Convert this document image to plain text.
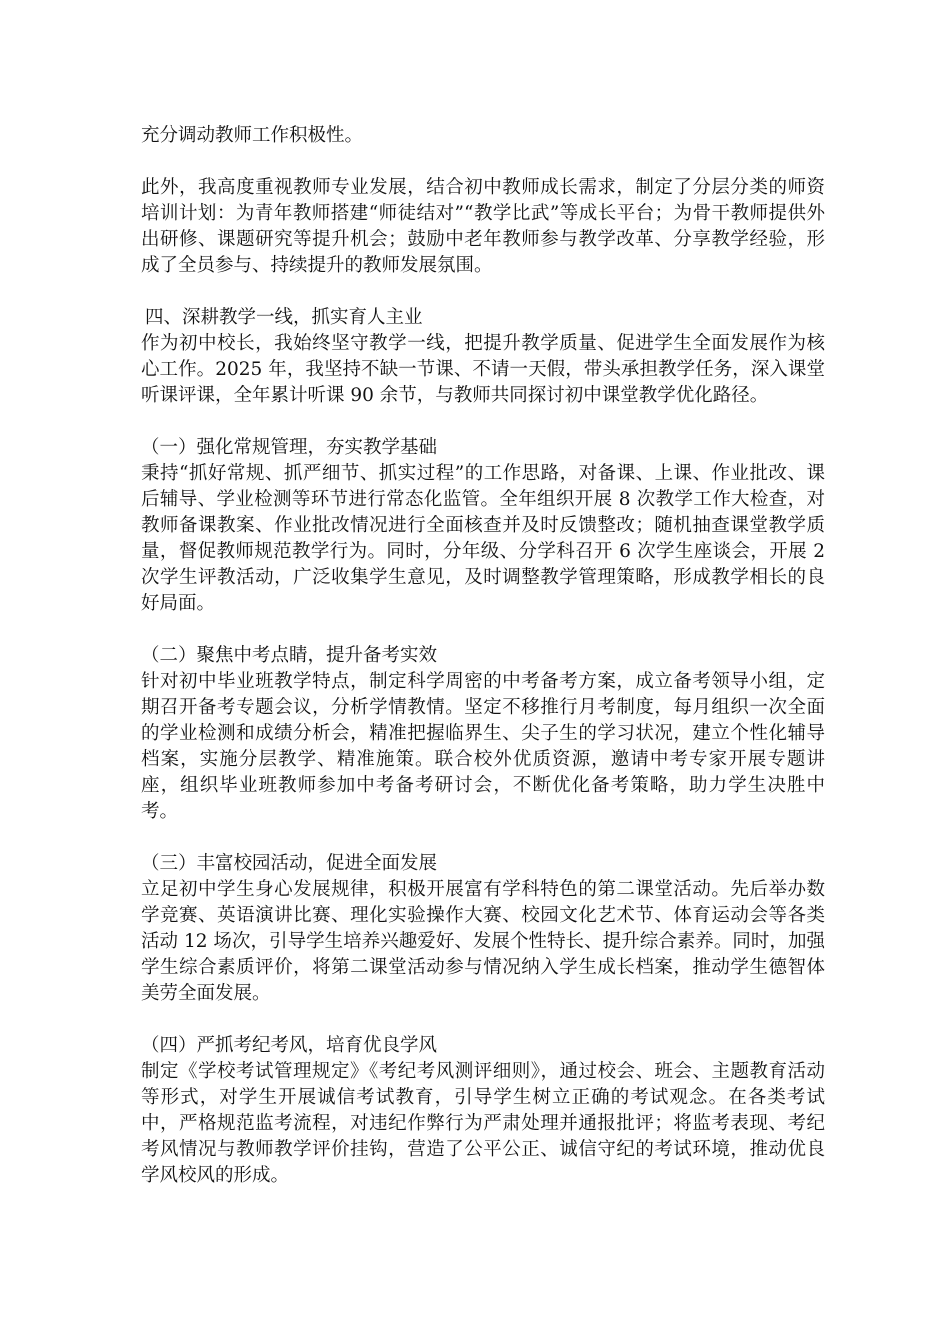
充分调动教师工作积极性。

此外，我高度重视教师专业发展，结合初中教师成长需求，制定了分层分类的师资培训计划：为青年教师搭建“师徒结对”“教学比武”等成长平台；为骨干教师提供外出研修、课题研究等提升机会；鼓励中老年教师参与教学改革、分享教学经验，形成了全员参与、持续提升的教师发展氛围。

四、深耕教学一线，抓实育人主业

作为初中校长，我始终坚守教学一线，把提升教学质量、促进学生全面发展作为核心工作。2025 年，我坚持不缺一节课、不请一天假，带头承担教学任务，深入课堂听课评课，全年累计听课 90 余节，与教师共同探讨初中课堂教学优化路径。

（一）强化常规管理，夯实教学基础

秉持“抓好常规、抓严细节、抓实过程”的工作思路，对备课、上课、作业批改、课后辅导、学业检测等环节进行常态化监管。全年组织开展 8 次教学工作大检查，对教师备课教案、作业批改情况进行全面核查并及时反馈整改；随机抽查课堂教学质量，督促教师规范教学行为。同时，分年级、分学科召开 6 次学生座谈会，开展 2 次学生评教活动，广泛收集学生意见，及时调整教学管理策略，形成教学相长的良好局面。

（二）聚焦中考点睛，提升备考实效

针对初中毕业班教学特点，制定科学周密的中考备考方案，成立备考领导小组，定期召开备考专题会议，分析学情教情。坚定不移推行月考制度，每月组织一次全面的学业检测和成绩分析会，精准把握临界生、尖子生的学习状况，建立个性化辅导档案，实施分层教学、精准施策。联合校外优质资源，邀请中考专家开展专题讲座，组织毕业班教师参加中考备考研讨会，不断优化备考策略，助力学生决胜中考。

（三）丰富校园活动，促进全面发展

立足初中学生身心发展规律，积极开展富有学科特色的第二课堂活动。先后举办数学竞赛、英语演讲比赛、理化实验操作大赛、校园文化艺术节、体育运动会等各类活动 12 场次，引导学生培养兴趣爱好、发展个性特长、提升综合素养。同时，加强学生综合素质评价，将第二课堂活动参与情况纳入学生成长档案，推动学生德智体美劳全面发展。

（四）严抓考纪考风，培育优良学风

制定《学校考试管理规定》《考纪考风测评细则》，通过校会、班会、主题教育活动等形式，对学生开展诚信考试教育，引导学生树立正确的考试观念。在各类考试中，严格规范监考流程，对违纪作弊行为严肃处理并通报批评；将监考表现、考纪考风情况与教师教学评价挂钩，营造了公平公正、诚信守纪的考试环境，推动优良学风校风的形成。
